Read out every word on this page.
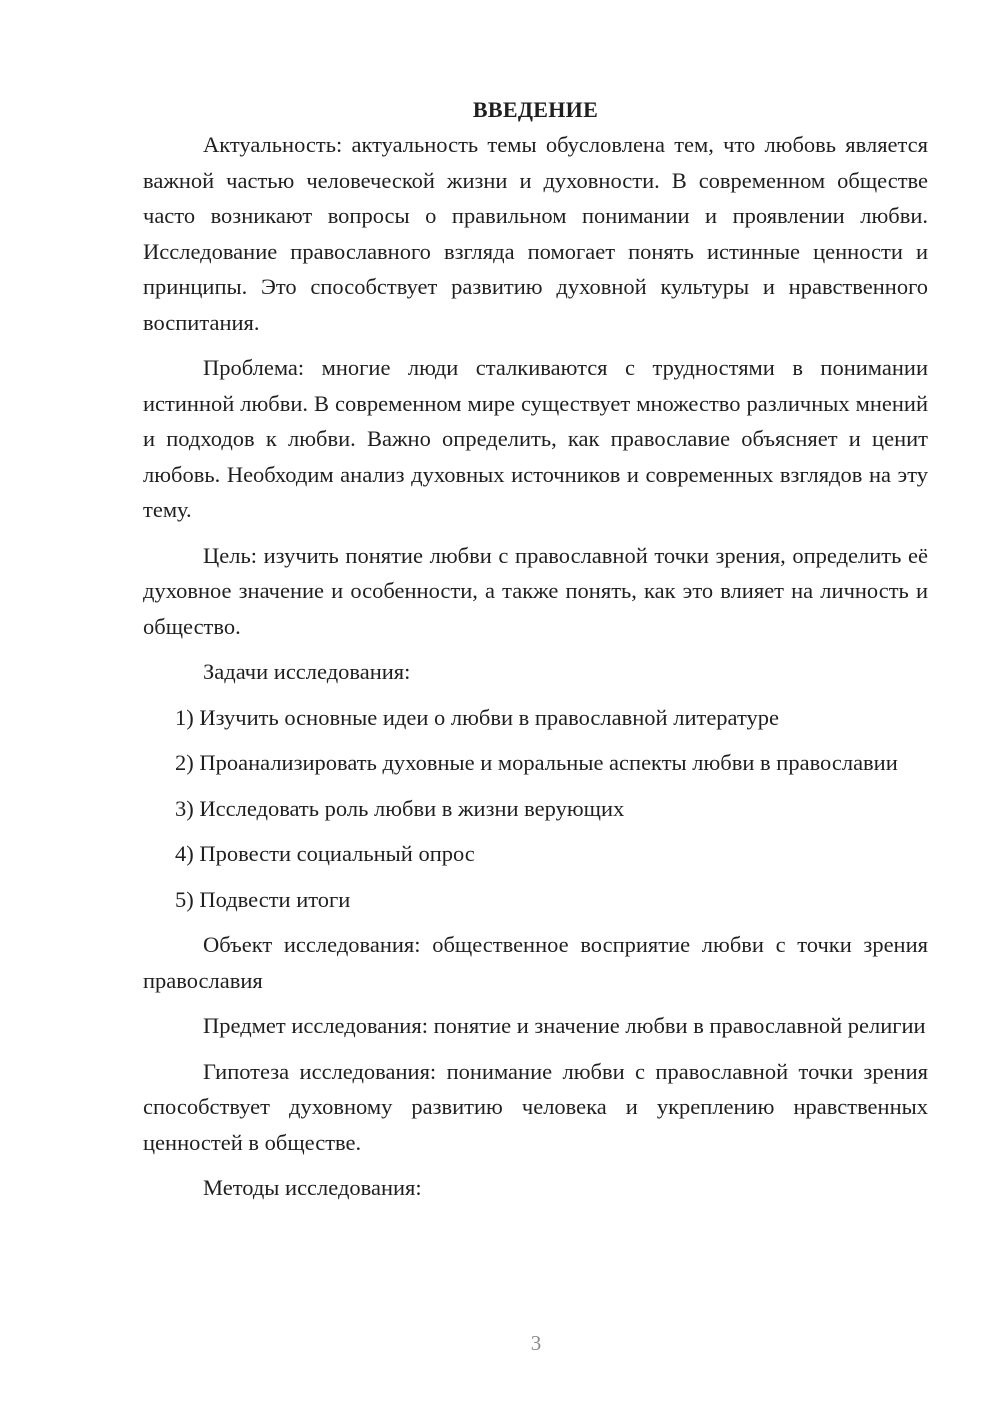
ВВЕДЕНИЕ

Актуальность: актуальность темы обусловлена тем, что любовь является важной частью человеческой жизни и духовности. В современном обществе часто возникают вопросы о правильном понимании и проявлении любви. Исследование православного взгляда помогает понять истинные ценности и принципы. Это способствует развитию духовной культуры и нравственного воспитания.

Проблема: многие люди сталкиваются с трудностями в понимании истинной любви. В современном мире существует множество различных мнений и подходов к любви. Важно определить, как православие объясняет и ценит любовь. Необходим анализ духовных источников и современных взглядов на эту тему.

Цель: изучить понятие любви с православной точки зрения, определить её духовное значение и особенности, а также понять, как это влияет на личность и общество.

Задачи исследования:

1) Изучить основные идеи о любви в православной литературе

2) Проанализировать духовные и моральные аспекты любви в православии

3) Исследовать роль любви в жизни верующих

4) Провести социальный опрос

5) Подвести итоги

Объект исследования: общественное восприятие любви с точки зрения православия

Предмет исследования: понятие и значение любви в православной религии

Гипотеза исследования: понимание любви с православной точки зрения способствует духовному развитию человека и укреплению нравственных ценностей в обществе.

Методы исследования:

3
